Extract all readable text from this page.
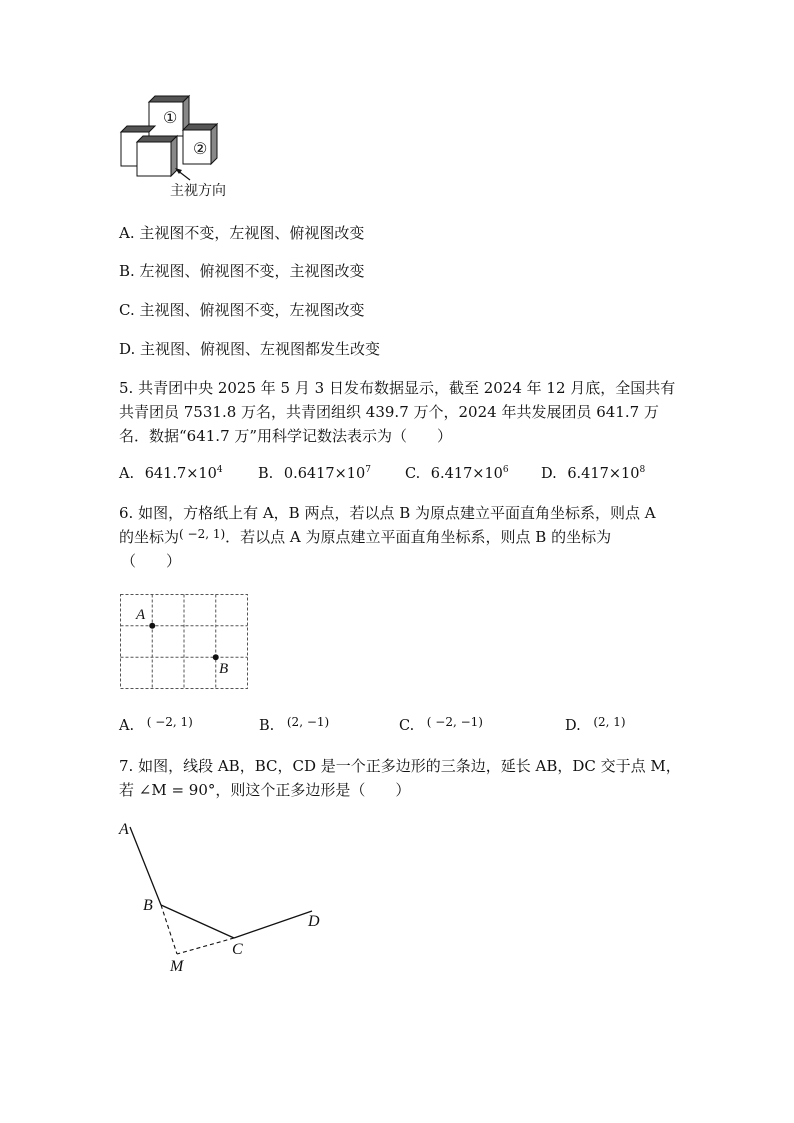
①
②
主视方向
A. 主视图不变，左视图、俯视图改变
B. 左视图、俯视图不变，主视图改变
C. 主视图、俯视图不变，左视图改变
D. 主视图、俯视图、左视图都发生改变
5. 共青团中央 2025 年 5 月 3 日发布数据显示，截至 2024 年 12 月底，全国共有
共青团员 7531.8 万名，共青团组织 439.7 万个，2024 年共发展团员 641.7 万
名．数据“641.7 万”用科学记数法表示为（　　）
A. $641.7\times 10^4$ B. $0.6417\times 10^7$ C. $6.417\times 10^6$ D. $6.417\times 10^8$
6. 如图，方格纸上有 A，B 两点，若以点 B 为原点建立平面直角坐标系，则点 A
的坐标为$^{( -2, 1)}$．若以点 A 为原点建立平面直角坐标系，则点 B 的坐标为
（　　）
A
B
A. $^{( -2, 1)}$	B. $^{(2, -1)}$	C. $^{( -2, -1)}$	D. $^{(2, 1)}$
7. 如图，线段 AB，BC，CD 是一个正多边形的三条边，延长 AB，DC 交于点 M，
若 ∠M = 90°，则这个正多边形是（　　）
A
B
C
D
M
